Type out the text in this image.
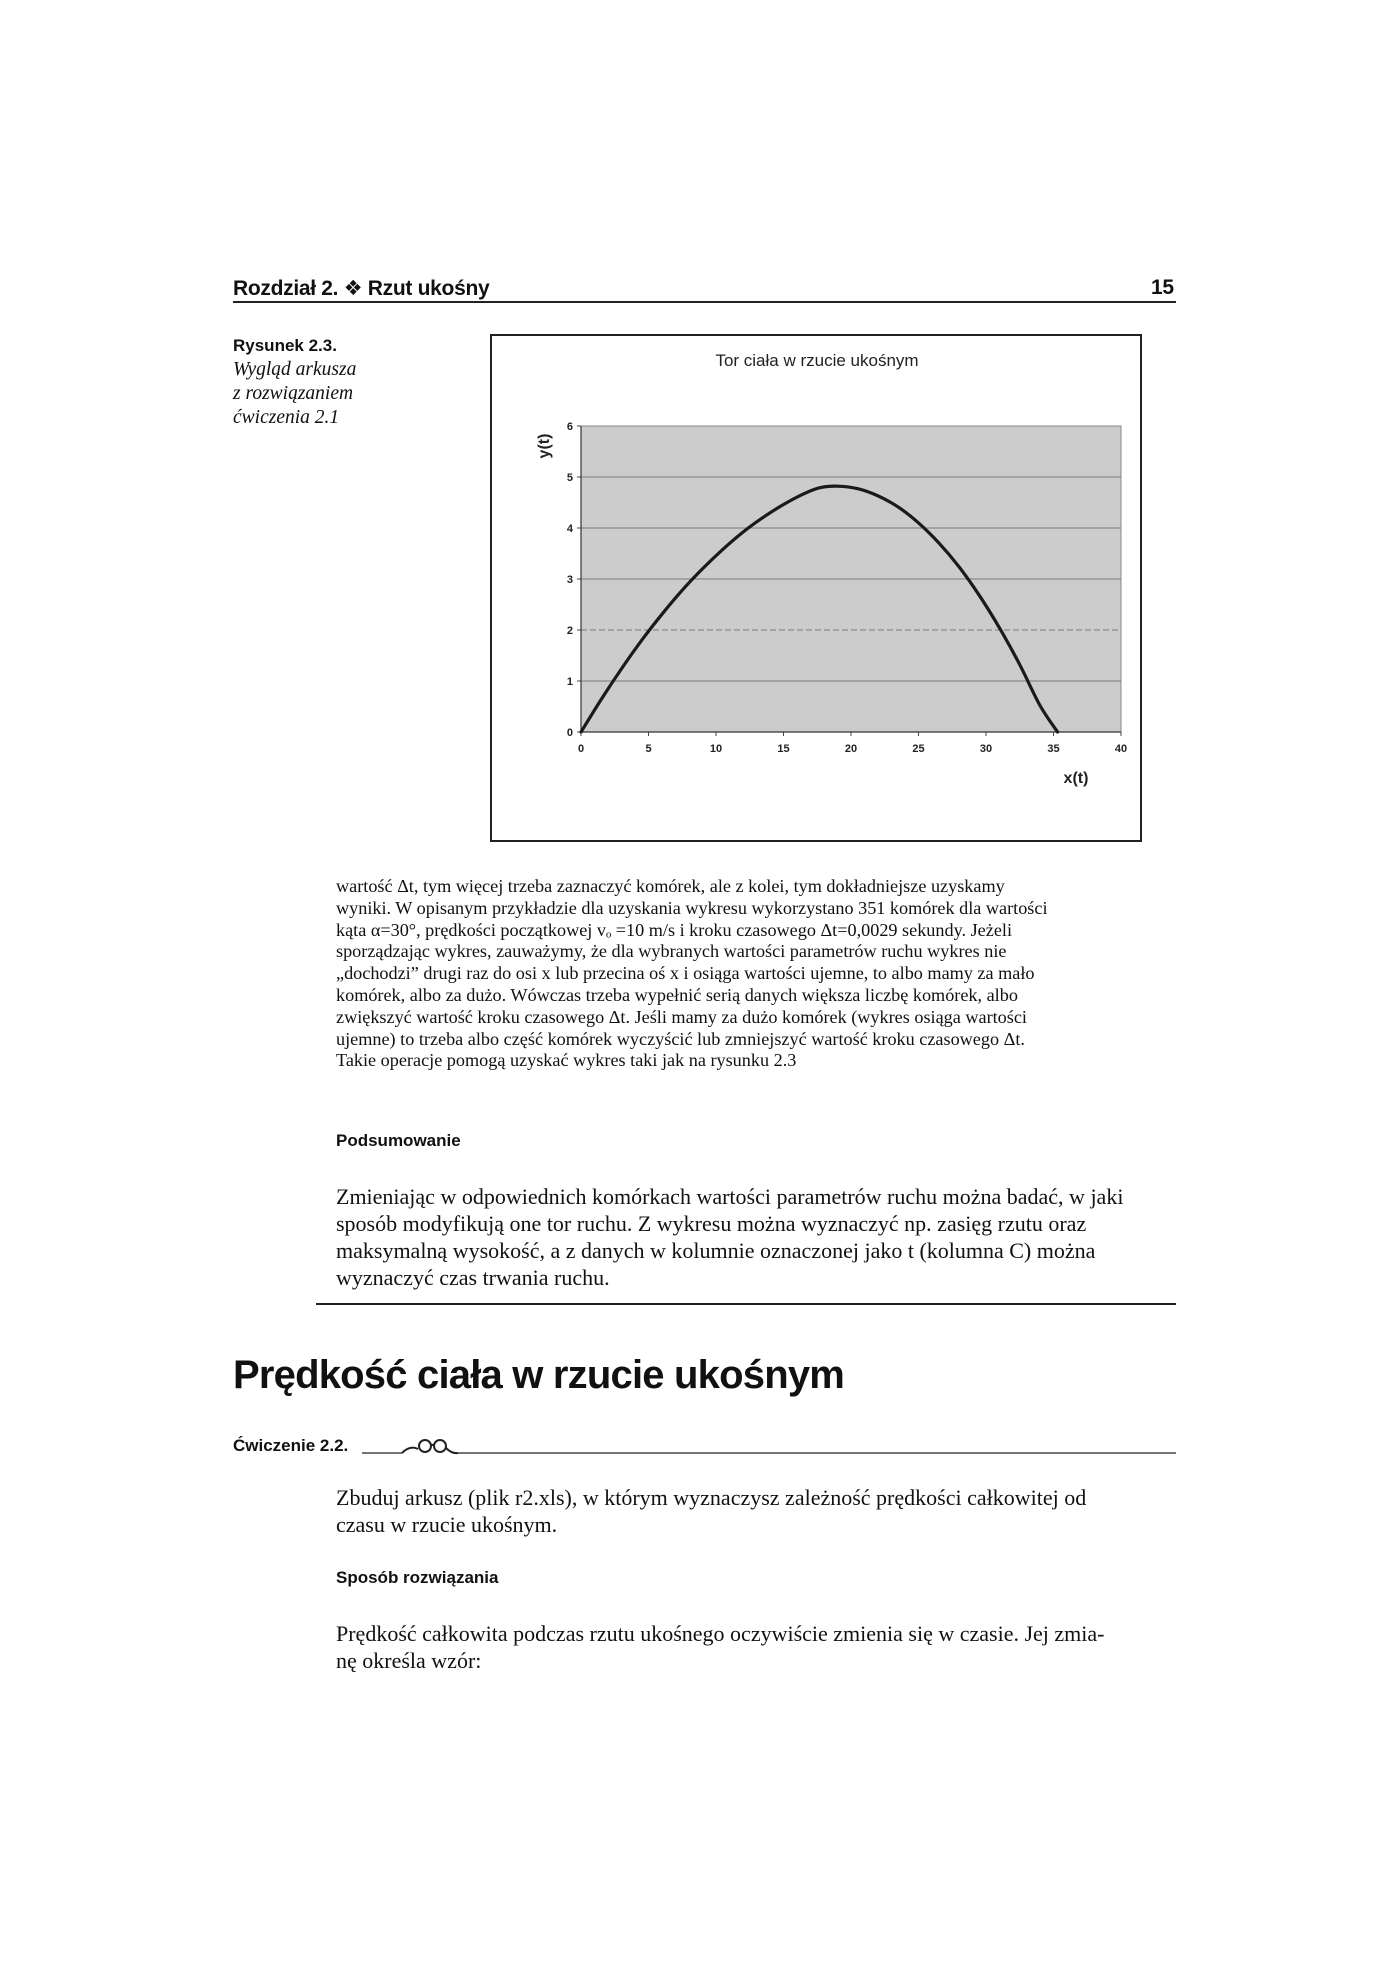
Rozdział 2. ❖ Rzut ukośny	15
Rysunek 2.3.
Wygląd arkusza
z rozwiązaniem
ćwiczenia 2.1
Tor ciała w rzucie ukośnym
y(t)
x(t)
0
1
2
3
4
5
6
0	5	10	15	20	25	30	35	40
wartość Δt, tym więcej trzeba zaznaczyć komórek, ale z kolei, tym dokładniejsze uzyskamy
wyniki. W opisanym przykładzie dla uzyskania wykresu wykorzystano 351 komórek dla wartości
kąta α=30°, prędkości początkowej vₒ =10 m/s i kroku czasowego Δt=0,0029 sekundy. Jeżeli
sporządzając wykres, zauważymy, że dla wybranych wartości parametrów ruchu wykres nie
„dochodzi” drugi raz do osi x lub przecina oś x i osiąga wartości ujemne, to albo mamy za mało
komórek, albo za dużo. Wówczas trzeba wypełnić serią danych większa liczbę komórek, albo
zwiększyć wartość kroku czasowego Δt. Jeśli mamy za dużo komórek (wykres osiąga wartości
ujemne) to trzeba albo część komórek wyczyścić lub zmniejszyć wartość kroku czasowego Δt.
Takie operacje pomogą uzyskać wykres taki jak na rysunku 2.3
Podsumowanie
Zmieniając w odpowiednich komórkach wartości parametrów ruchu można badać, w jaki
sposób modyfikują one tor ruchu. Z wykresu można wyznaczyć np. zasięg rzutu oraz
maksymalną wysokość, a z danych w kolumnie oznaczonej jako t (kolumna C) można
wyznaczyć czas trwania ruchu.
Prędkość ciała w rzucie ukośnym
Ćwiczenie 2.2.
Zbuduj arkusz (plik r2.xls), w którym wyznaczysz zależność prędkości całkowitej od
czasu w rzucie ukośnym.
Sposób rozwiązania
Prędkość całkowita podczas rzutu ukośnego oczywiście zmienia się w czasie. Jej zmia-
nę określa wzór:
